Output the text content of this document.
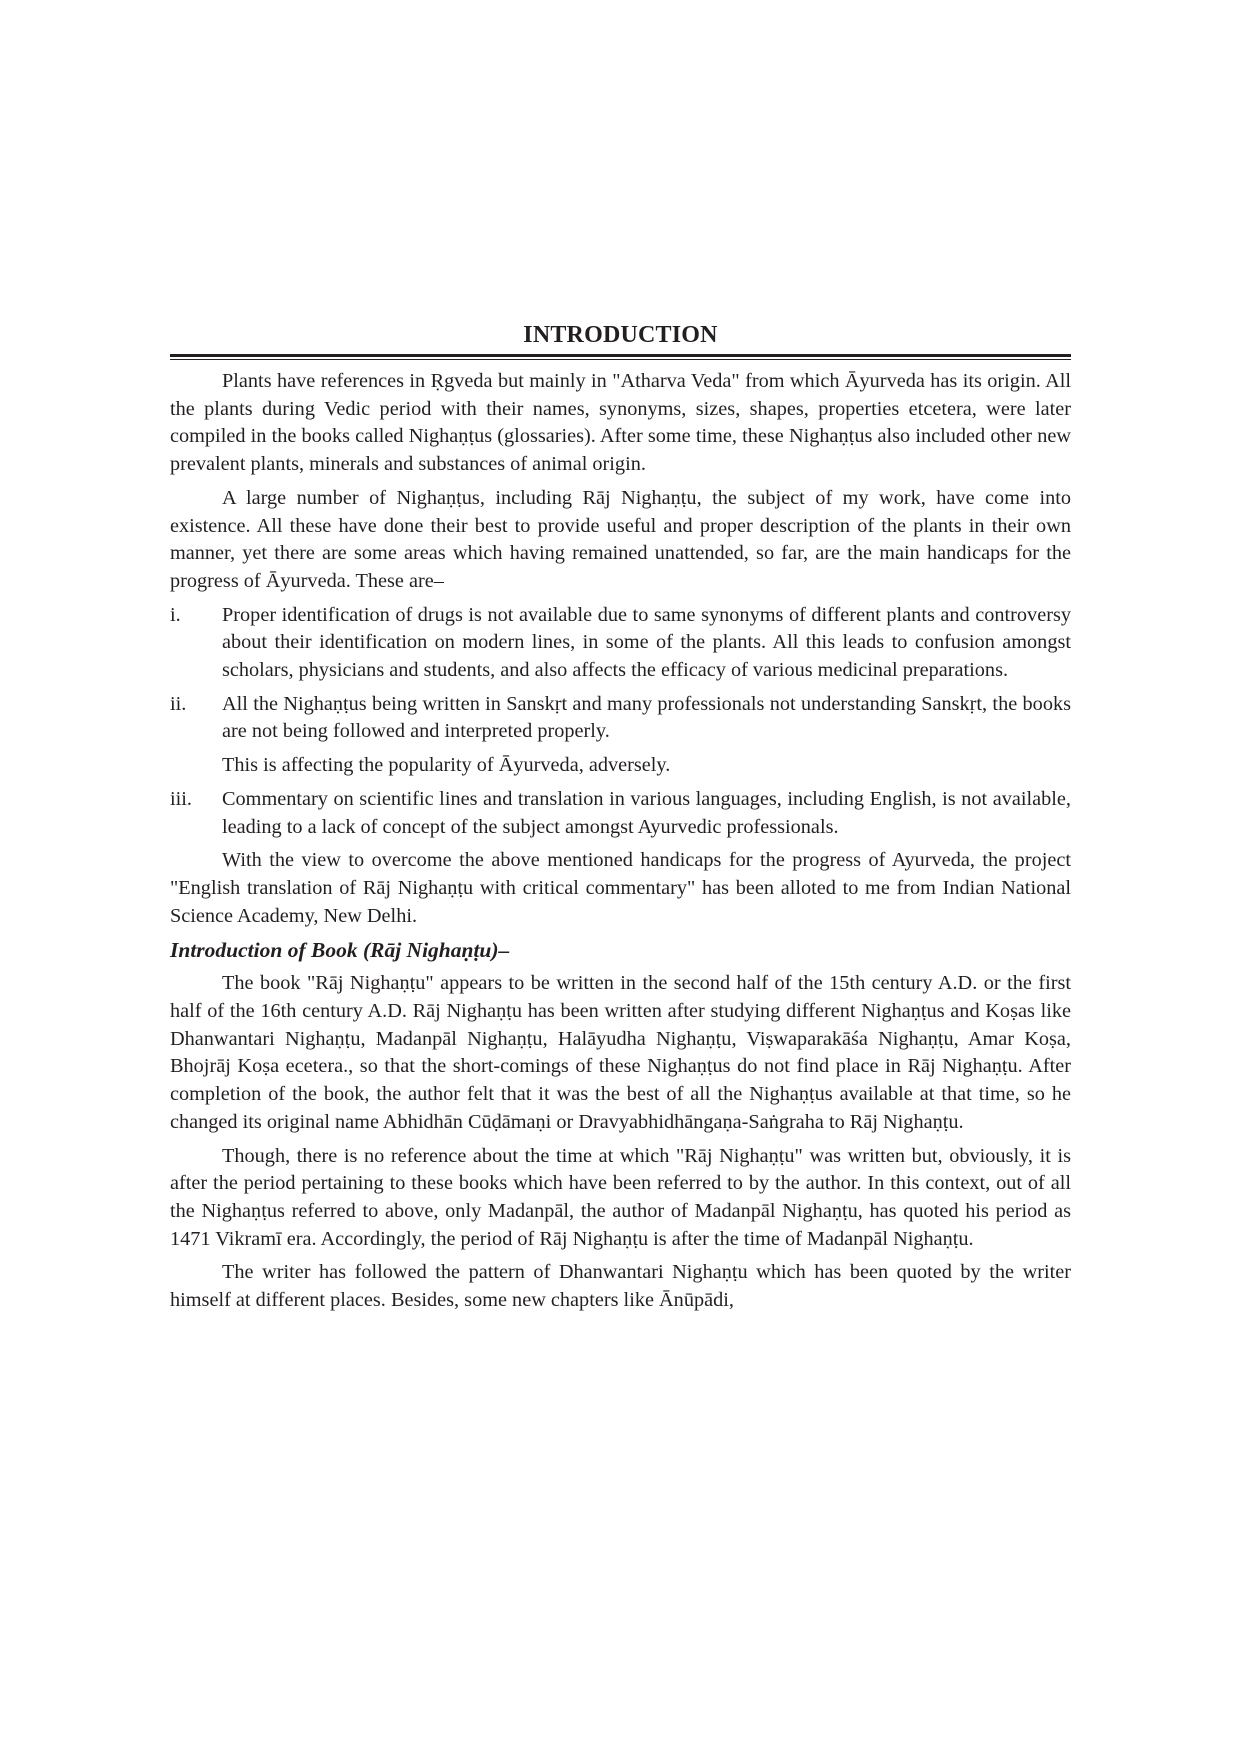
INTRODUCTION

Plants have references in Ṛgveda but mainly in "Atharva Veda" from which Āyurveda has its origin. All the plants during Vedic period with their names, synonyms, sizes, shapes, properties etcetera, were later compiled in the books called Nighaṇṭus (glossaries). After some time, these Nighaṇṭus also included other new prevalent plants, minerals and substances of animal origin.

A large number of Nighaṇṭus, including Rāj Nighaṇṭu, the subject of my work, have come into existence. All these have done their best to provide useful and proper description of the plants in their own manner, yet there are some areas which having remained unattended, so far, are the main handicaps for the progress of Āyurveda. These are–

i. Proper identification of drugs is not available due to same synonyms of different plants and controversy about their identification on modern lines, in some of the plants. All this leads to confusion amongst scholars, physicians and students, and also affects the efficacy of various medicinal preparations.
ii. All the Nighaṇṭus being written in Sanskṛt and many professionals not understanding Sanskṛt, the books are not being followed and interpreted properly.

This is affecting the popularity of Āyurveda, adversely.

iii. Commentary on scientific lines and translation in various languages, including English, is not available, leading to a lack of concept of the subject amongst Ayurvedic professionals.

With the view to overcome the above mentioned handicaps for the progress of Ayurveda, the project "English translation of Rāj Nighaṇṭu with critical commentary" has been alloted to me from Indian National Science Academy, New Delhi.

Introduction of Book (Rāj Nighaṇṭu)–

The book "Rāj Nighaṇṭu" appears to be written in the second half of the 15th century A.D. or the first half of the 16th century A.D. Rāj Nighaṇṭu has been written after studying different Nighaṇṭus and Koṣas like Dhanwantari Nighaṇṭu, Madanpāl Nighaṇṭu, Halāyudha Nighaṇṭu, Viṣwaparakāśa Nighaṇṭu, Amar Koṣa, Bhojrāj Koṣa ecetera., so that the short-comings of these Nighaṇṭus do not find place in Rāj Nighaṇṭu. After completion of the book, the author felt that it was the best of all the Nighaṇṭus available at that time, so he changed its original name Abhidhān Cūḍāmaṇi or Dravyabhidhāngaṇa-Saṅgraha to Rāj Nighaṇṭu.

Though, there is no reference about the time at which "Rāj Nighaṇṭu" was written but, obviously, it is after the period pertaining to these books which have been referred to by the author. In this context, out of all the Nighaṇṭus referred to above, only Madanpāl, the author of Madanpāl Nighaṇṭu, has quoted his period as 1471 Vikramī era. Accordingly, the period of Rāj Nighaṇṭu is after the time of Madanpāl Nighaṇṭu.

The writer has followed the pattern of Dhanwantari Nighaṇṭu which has been quoted by the writer himself at different places. Besides, some new chapters like Ānūpādi,
